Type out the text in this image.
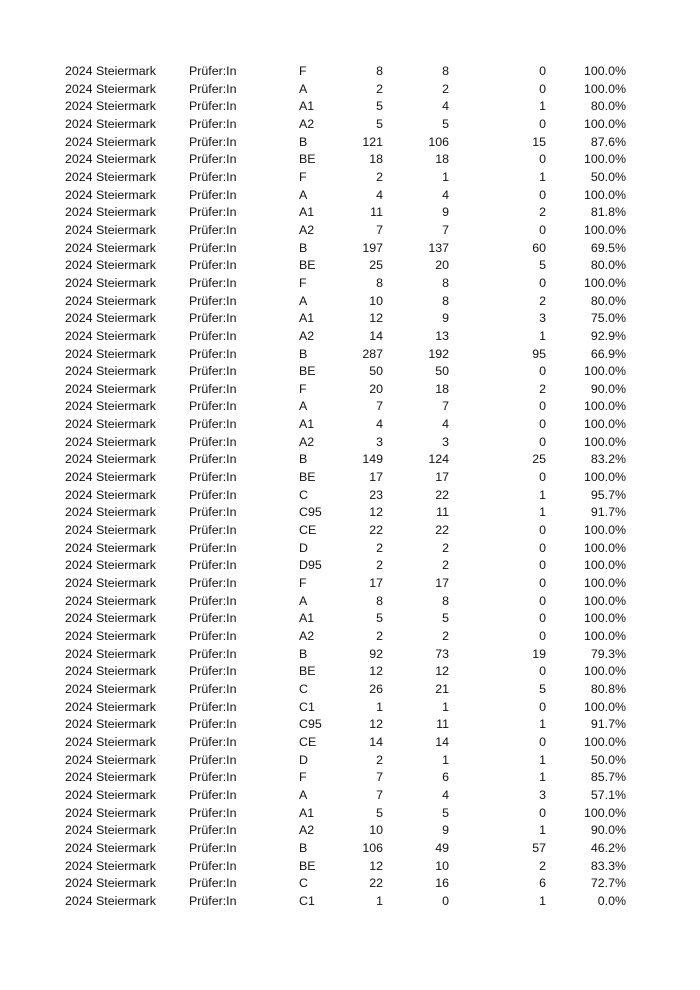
2024 Steiermark	Prüfer:In	F	8	8	0	100.0%
2024 Steiermark	Prüfer:In	A	2	2	0	100.0%
2024 Steiermark	Prüfer:In	A1	5	4	1	80.0%
2024 Steiermark	Prüfer:In	A2	5	5	0	100.0%
2024 Steiermark	Prüfer:In	B	121	106	15	87.6%
2024 Steiermark	Prüfer:In	BE	18	18	0	100.0%
2024 Steiermark	Prüfer:In	F	2	1	1	50.0%
2024 Steiermark	Prüfer:In	A	4	4	0	100.0%
2024 Steiermark	Prüfer:In	A1	11	9	2	81.8%
2024 Steiermark	Prüfer:In	A2	7	7	0	100.0%
2024 Steiermark	Prüfer:In	B	197	137	60	69.5%
2024 Steiermark	Prüfer:In	BE	25	20	5	80.0%
2024 Steiermark	Prüfer:In	F	8	8	0	100.0%
2024 Steiermark	Prüfer:In	A	10	8	2	80.0%
2024 Steiermark	Prüfer:In	A1	12	9	3	75.0%
2024 Steiermark	Prüfer:In	A2	14	13	1	92.9%
2024 Steiermark	Prüfer:In	B	287	192	95	66.9%
2024 Steiermark	Prüfer:In	BE	50	50	0	100.0%
2024 Steiermark	Prüfer:In	F	20	18	2	90.0%
2024 Steiermark	Prüfer:In	A	7	7	0	100.0%
2024 Steiermark	Prüfer:In	A1	4	4	0	100.0%
2024 Steiermark	Prüfer:In	A2	3	3	0	100.0%
2024 Steiermark	Prüfer:In	B	149	124	25	83.2%
2024 Steiermark	Prüfer:In	BE	17	17	0	100.0%
2024 Steiermark	Prüfer:In	C	23	22	1	95.7%
2024 Steiermark	Prüfer:In	C95	12	11	1	91.7%
2024 Steiermark	Prüfer:In	CE	22	22	0	100.0%
2024 Steiermark	Prüfer:In	D	2	2	0	100.0%
2024 Steiermark	Prüfer:In	D95	2	2	0	100.0%
2024 Steiermark	Prüfer:In	F	17	17	0	100.0%
2024 Steiermark	Prüfer:In	A	8	8	0	100.0%
2024 Steiermark	Prüfer:In	A1	5	5	0	100.0%
2024 Steiermark	Prüfer:In	A2	2	2	0	100.0%
2024 Steiermark	Prüfer:In	B	92	73	19	79.3%
2024 Steiermark	Prüfer:In	BE	12	12	0	100.0%
2024 Steiermark	Prüfer:In	C	26	21	5	80.8%
2024 Steiermark	Prüfer:In	C1	1	1	0	100.0%
2024 Steiermark	Prüfer:In	C95	12	11	1	91.7%
2024 Steiermark	Prüfer:In	CE	14	14	0	100.0%
2024 Steiermark	Prüfer:In	D	2	1	1	50.0%
2024 Steiermark	Prüfer:In	F	7	6	1	85.7%
2024 Steiermark	Prüfer:In	A	7	4	3	57.1%
2024 Steiermark	Prüfer:In	A1	5	5	0	100.0%
2024 Steiermark	Prüfer:In	A2	10	9	1	90.0%
2024 Steiermark	Prüfer:In	B	106	49	57	46.2%
2024 Steiermark	Prüfer:In	BE	12	10	2	83.3%
2024 Steiermark	Prüfer:In	C	22	16	6	72.7%
2024 Steiermark	Prüfer:In	C1	1	0	1	0.0%
